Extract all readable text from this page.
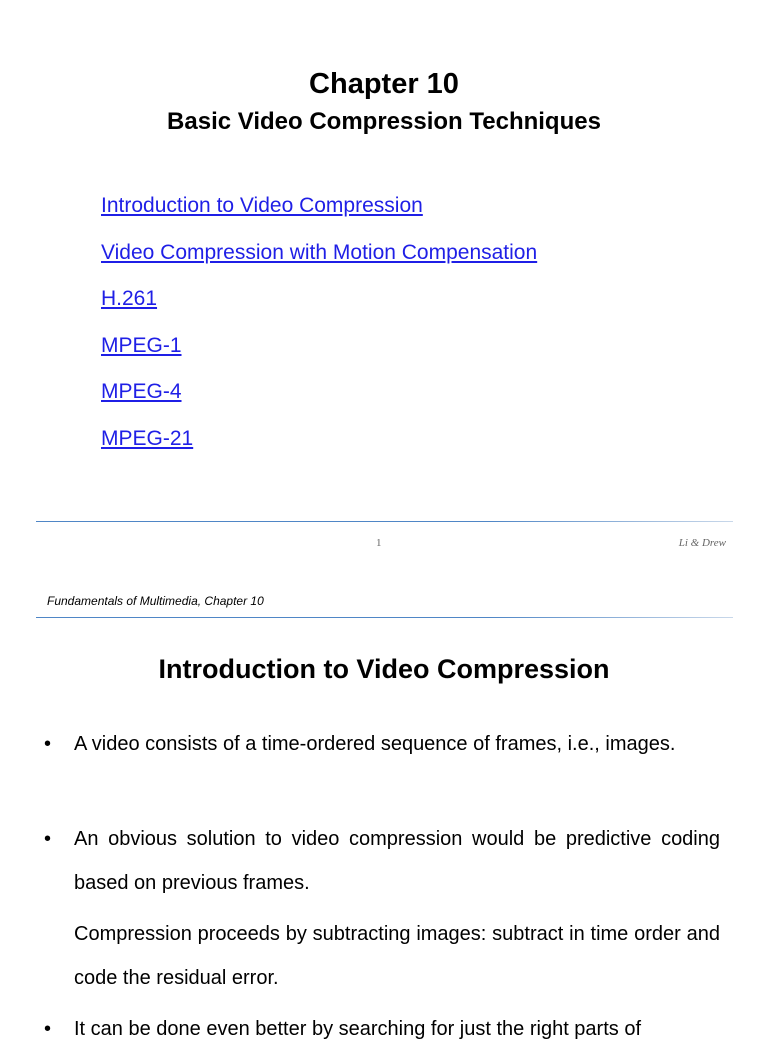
Chapter 10
Basic Video Compression Techniques
Introduction to Video Compression
Video Compression with Motion Compensation
H.261
MPEG-1
MPEG-4
MPEG-21
1	Li & Drew
Fundamentals of Multimedia, Chapter 10
Introduction to Video Compression
• A video consists of a time-ordered sequence of frames, i.e., images.
• An obvious solution to video compression would be predictive coding based on previous frames.
Compression proceeds by subtracting images: subtract in time order and code the residual error.
• It can be done even better by searching for just the right parts of
